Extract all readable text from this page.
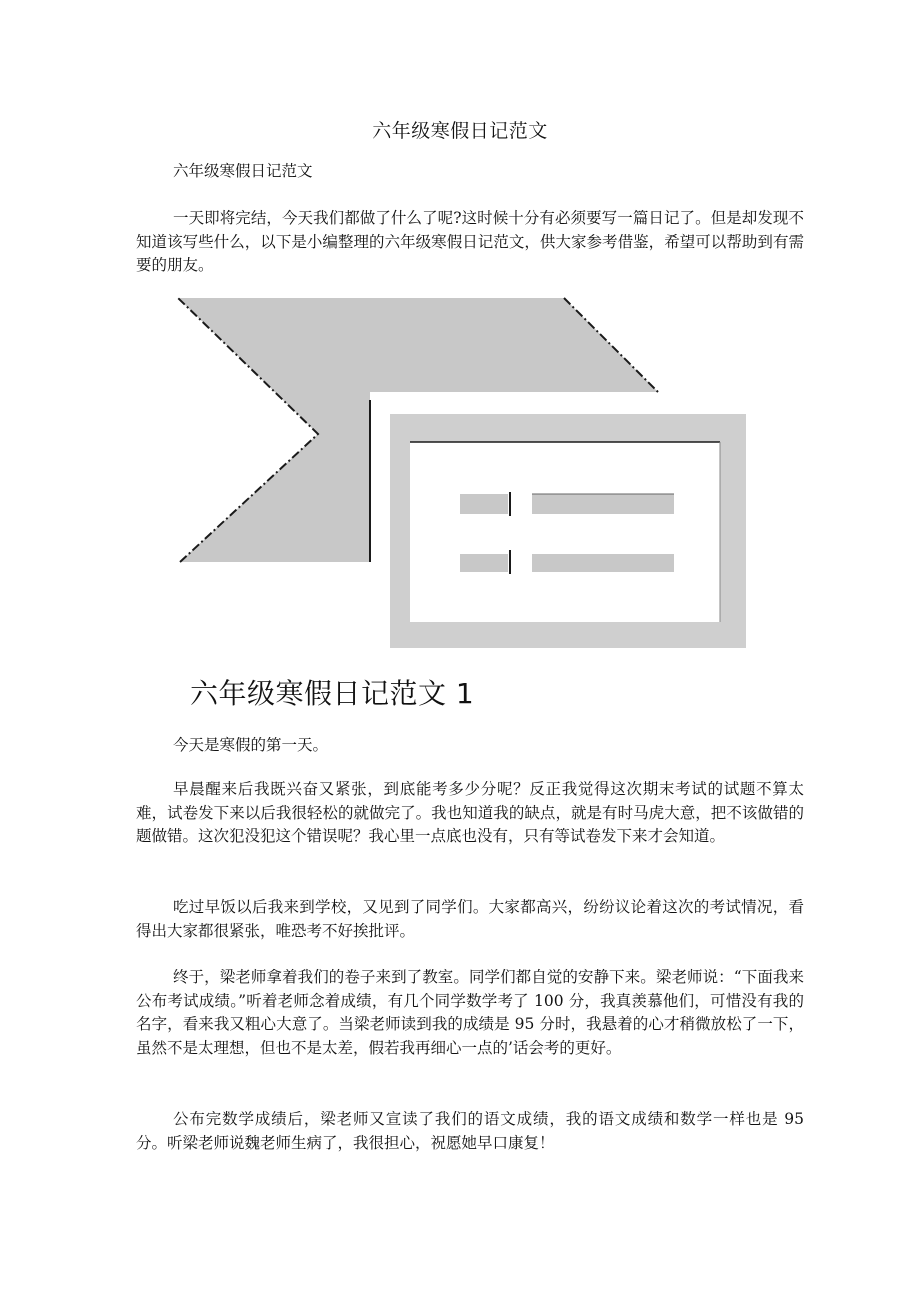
六年级寒假日记范文

六年级寒假日记范文

一天即将完结，今天我们都做了什么了呢?这时候十分有必须要写一篇日记了。但是却发现不知道该写些什么，以下是小编整理的六年级寒假日记范文，供大家参考借鉴，希望可以帮助到有需要的朋友。

六年级寒假日记范文 1

今天是寒假的第一天。

早晨醒来后我既兴奋又紧张，到底能考多少分呢？反正我觉得这次期末考试的试题不算太难，试卷发下来以后我很轻松的就做完了。我也知道我的缺点，就是有时马虎大意，把不该做错的题做错。这次犯没犯这个错误呢？我心里一点底也没有，只有等试卷发下来才会知道。

吃过早饭以后我来到学校，又见到了同学们。大家都高兴，纷纷议论着这次的考试情况，看得出大家都很紧张，唯恐考不好挨批评。

终于，梁老师拿着我们的卷子来到了教室。同学们都自觉的安静下来。梁老师说：“下面我来公布考试成绩。”听着老师念着成绩，有几个同学数学考了 100 分，我真羡慕他们，可惜没有我的名字，看来我又粗心大意了。当梁老师读到我的成绩是 95 分时，我悬着的心才稍微放松了一下，虽然不是太理想，但也不是太差，假若我再细心一点的’话会考的更好。

公布完数学成绩后，梁老师又宣读了我们的语文成绩，我的语文成绩和数学一样也是 95 分。听梁老师说魏老师生病了，我很担心，祝愿她早口康复！
